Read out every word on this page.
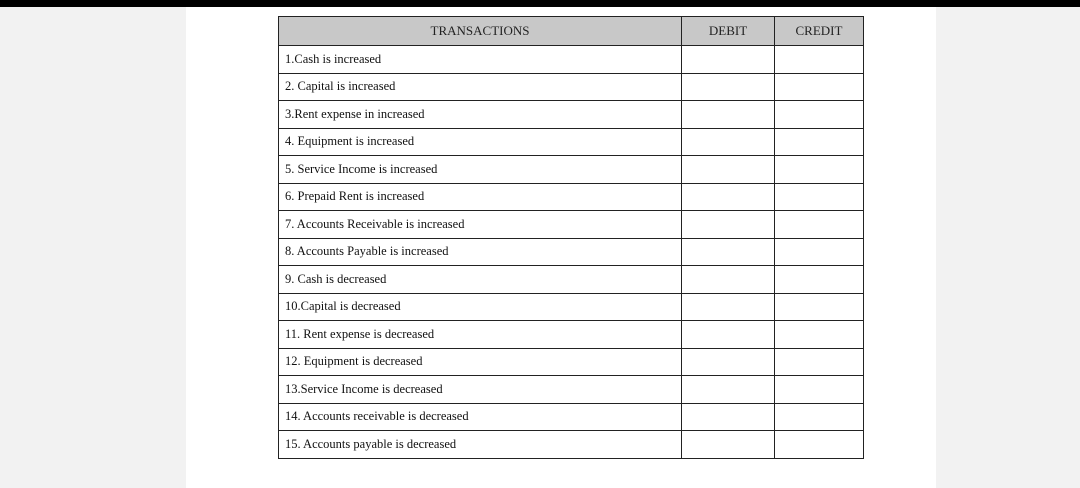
TRANSACTIONS	DEBIT	CREDIT
1.Cash is increased		
2. Capital is increased		
3.Rent expense in increased		
4. Equipment is increased		
5. Service Income is increased		
6. Prepaid Rent is increased		
7. Accounts Receivable is increased		
8. Accounts Payable is increased		
9. Cash is decreased		
10.Capital is decreased		
11. Rent expense is decreased		
12. Equipment is decreased		
13.Service Income is decreased		
14. Accounts receivable is decreased		
15. Accounts payable is decreased		
